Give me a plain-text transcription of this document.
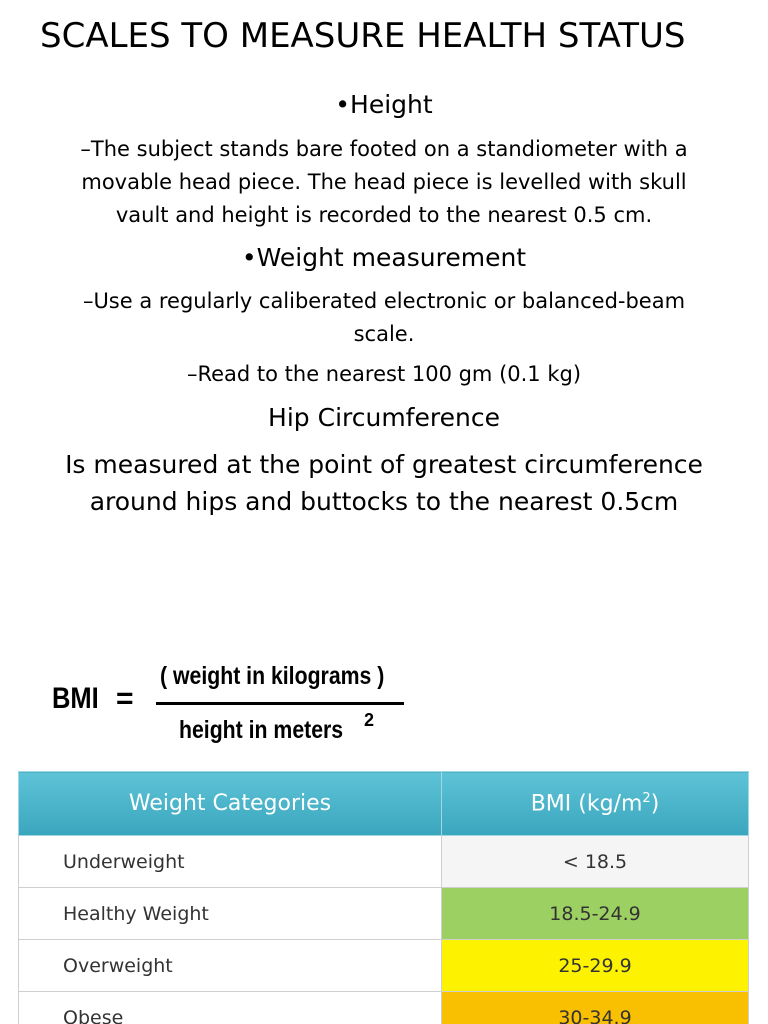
SCALES TO MEASURE HEALTH STATUS
•Height
–The subject stands bare footed on a standiometer with a
movable head piece. The head piece is levelled with skull
vault and height is recorded to the nearest 0.5 cm.
•Weight measurement
–Use a regularly caliberated electronic or balanced-beam
scale.
–Read to the nearest 100 gm (0.1 kg)
Hip Circumference
Is measured at the point of greatest circumference
around hips and buttocks to the nearest 0.5cm
BMI =
( weight in kilograms )
height in meters 2
Weight Categories	BMI $(kg/m^2)$
Underweight	< 18.5
Healthy Weight	18.5-24.9
Overweight	25-29.9
Obese	30-34.9
